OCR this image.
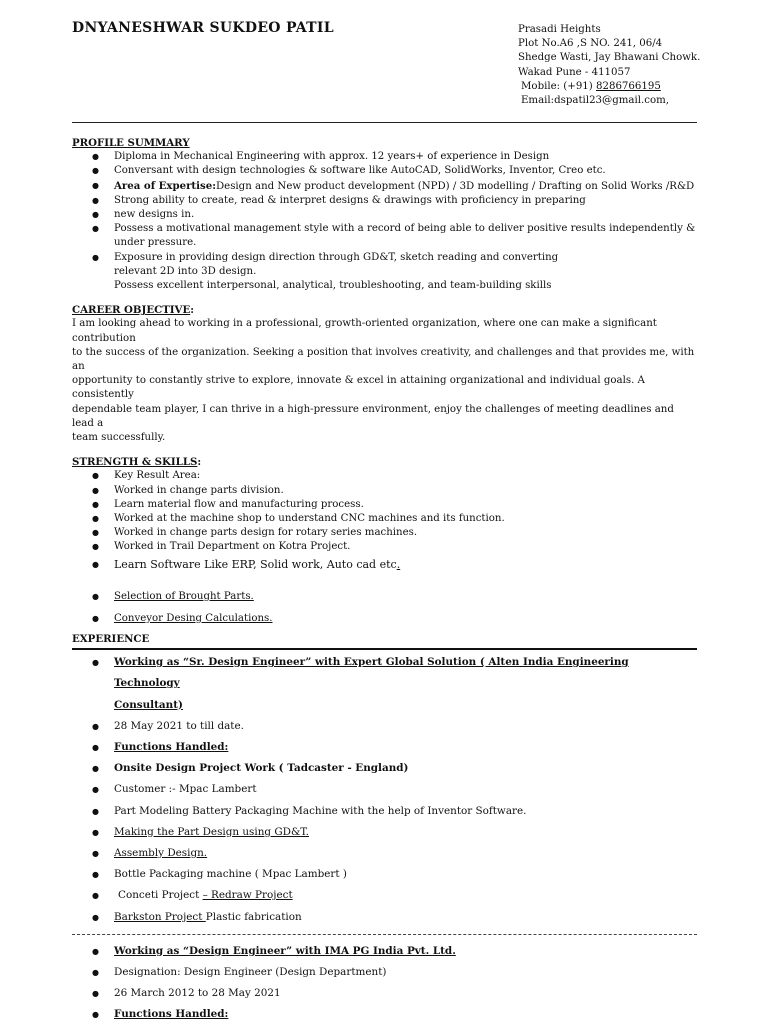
DNYANESHWAR SUKDEO PATIL	Prasadi Heights
Plot No.A6 ,S NO. 241, 06/4
Shedge Wasti, Jay Bhawani Chowk.
Wakad Pune - 411057
Mobile: (+91) 8286766195
Email:dspatil23@gmail.com,
PROFILE SUMMARY
● Diploma in Mechanical Engineering with approx. 12 years+ of experience in Design
● Conversant with design technologies & software like AutoCAD, SolidWorks, Inventor, Creo etc.
● Area of Expertise:Design and New product development (NPD) / 3D modelling / Drafting on Solid Works /R&D
● Strong ability to create, read & interpret designs & drawings with proficiency in preparing
● new designs in.
● Possess a motivational management style with a record of being able to deliver positive results independently &
under pressure.
● Exposure in providing design direction through GD&T, sketch reading and converting
relevant 2D into 3D design.
Possess excellent interpersonal, analytical, troubleshooting, and team-building skills
CAREER OBJECTIVE:

I am looking ahead to working in a professional, growth-oriented organization, where one can make a significant contribution

to the success of the organization. Seeking a position that involves creativity, and challenges and that provides me, with an

opportunity to constantly strive to explore, innovate & excel in attaining organizational and individual goals. A consistently

dependable team player, I can thrive in a high-pressure environment, enjoy the challenges of meeting deadlines and lead a

team successfully.

STRENGTH & SKILLS:
● Key Result Area:
● Worked in change parts division.
● Learn material flow and manufacturing process.
● Worked at the machine shop to understand CNC machines and its function.
● Worked in change parts design for rotary series machines.
● Worked in Trail Department on Kotra Project.
● Learn Software Like ERP, Solid work, Auto cad etc.
● Selection of Brought Parts.
● Conveyor Desing Calculations.
EXPERIENCE
● Working as “Sr. Design Engineer” with Expert Global Solution ( Alten India Engineering Technology
Consultant)
● 28 May 2021 to till date.
● Functions Handled:
● Onsite Design Project Work ( Tadcaster - England)
● Customer :- Mpac Lambert
● Part Modeling Battery Packaging Machine with the help of Inventor Software.
● Making the Part Design using GD&T.
● Assembly Design.
● Bottle Packaging machine ( Mpac Lambert )
● Conceti Project – Redraw Project
● Barkston Project Plastic fabrication
● Working as “Design Engineer” with IMA PG India Pvt. Ltd.
● Designation: Design Engineer (Design Department)
● 26 March 2012 to 28 May 2021
● Functions Handled:
